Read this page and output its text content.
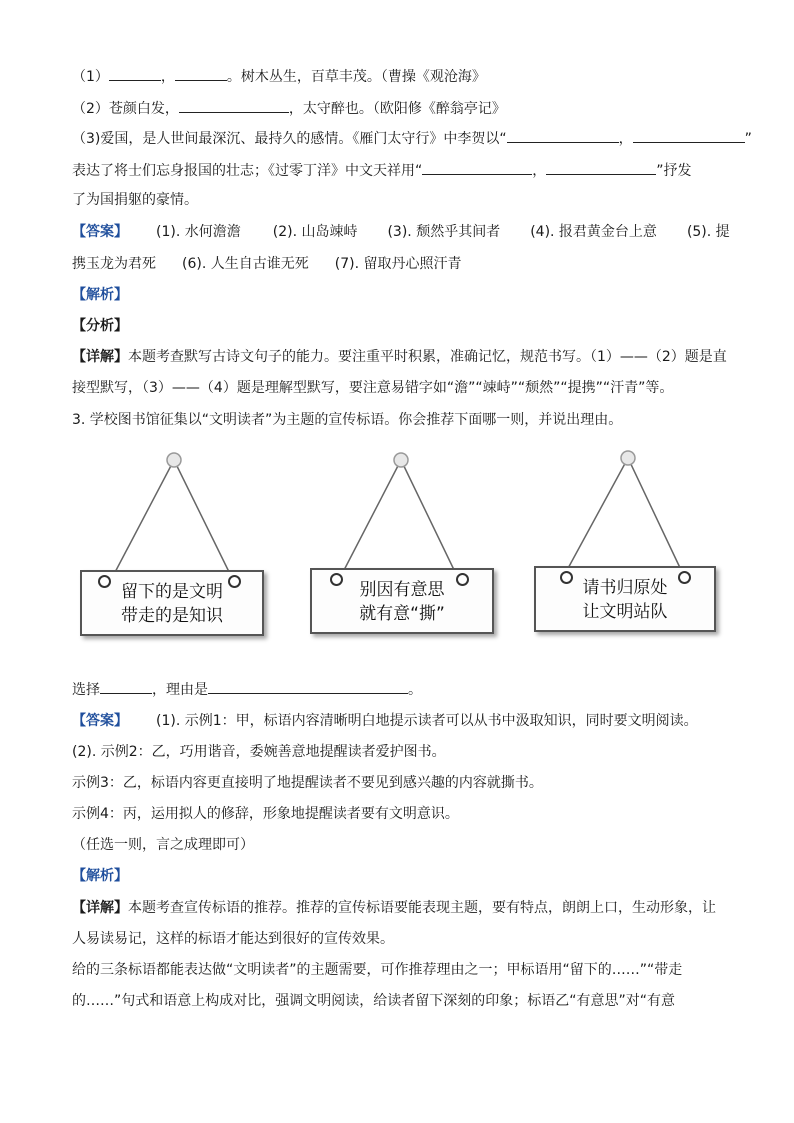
（1）	，	。树木丛生，百草丰茂。（曹操《观沧海》
（2）苍颜白发，	，太守醉也。（欧阳修《醉翁亭记》
（3)爱国，是人世间最深沉、最持久的感情。《雁门太守行》中李贺以“	，	”
表达了将士们忘身报国的壮志；《过零丁洋》中文天祥用“	，	”抒发
了为国捐躯的豪情。
【答案】 (1). 水何澹澹 (2). 山岛竦峙 (3). 颓然乎其间者 (4). 报君黄金台上意 (5). 提
携玉龙为君死 (6). 人生自古谁无死 (7). 留取丹心照汗青
【解析】
【分析】
【详解】本题考查默写古诗文句子的能力。要注重平时积累，准确记忆，规范书写。（1）——（2）题是直
接型默写，（3）——（4）题是理解型默写，要注意易错字如“澹”“竦峙”“颓然”“提携”“汗青”等。
3. 学校图书馆征集以“文明读者”为主题的宣传标语。你会推荐下面哪一则，并说出理由。
留下的是文明
带走的是知识
别因有意思
就有意“撕”
请书归原处
让文明站队
选择	，理由是	。
【答案】 (1). 示例1：甲，标语内容清晰明白地提示读者可以从书中汲取知识，同时要文明阅读。
(2). 示例2：乙，巧用谐音，委婉善意地提醒读者爱护图书。
示例3：乙，标语内容更直接明了地提醒读者不要见到感兴趣的内容就撕书。
示例4：丙，运用拟人的修辞，形象地提醒读者要有文明意识。
（任选一则，言之成理即可）
【解析】
【详解】本题考查宣传标语的推荐。推荐的宣传标语要能表现主题，要有特点，朗朗上口，生动形象，让
人易读易记，这样的标语才能达到很好的宣传效果。
给的三条标语都能表达做“文明读者”的主题需要，可作推荐理由之一；甲标语用“留下的……”“带走
的……”句式和语意上构成对比，强调文明阅读，给读者留下深刻的印象；标语乙“有意思”对“有意
